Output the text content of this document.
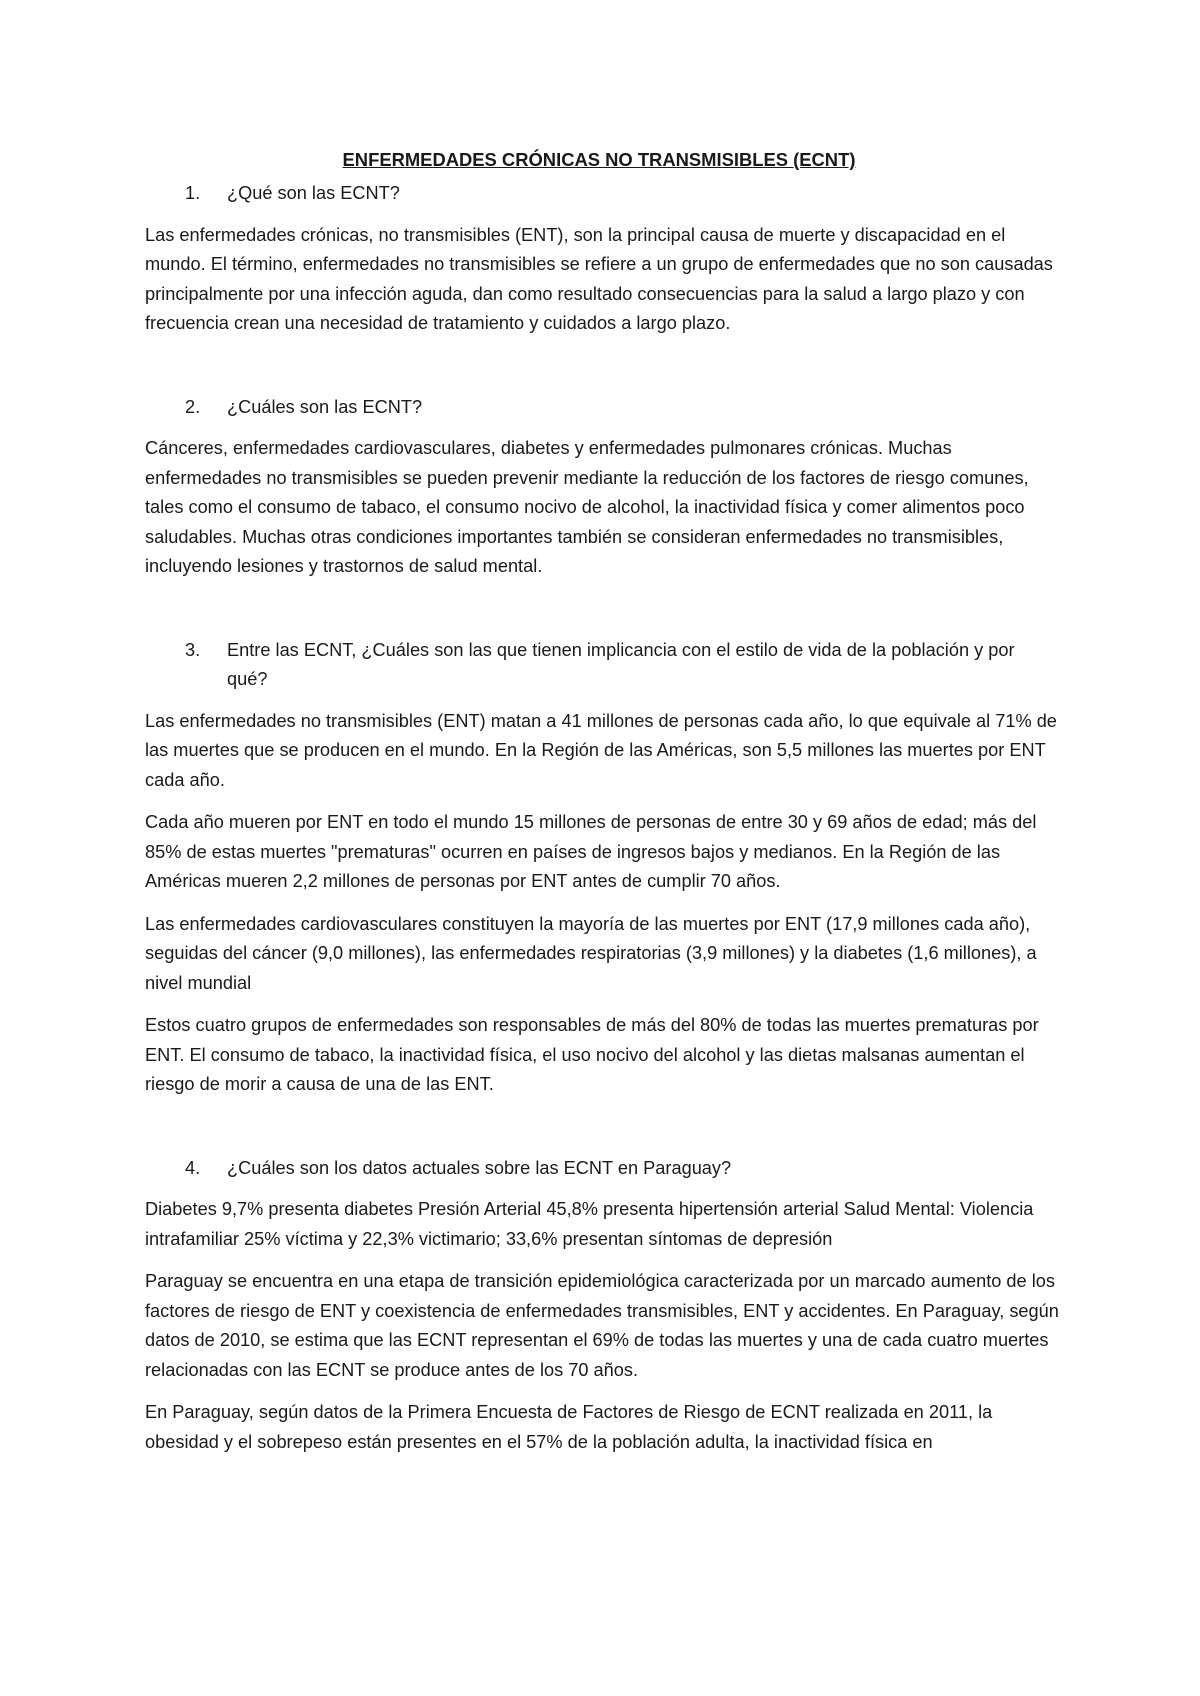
ENFERMEDADES CRÓNICAS NO TRANSMISIBLES (ECNT)

1.	¿Qué son las ECNT?

Las enfermedades crónicas, no transmisibles (ENT), son la principal causa de muerte y discapacidad en el mundo. El término, enfermedades no transmisibles se refiere a un grupo de enfermedades que no son causadas principalmente por una infección aguda, dan como resultado consecuencias para la salud a largo plazo y con frecuencia crean una necesidad de tratamiento y cuidados a largo plazo.

2.	¿Cuáles son las ECNT?

Cánceres, enfermedades cardiovasculares, diabetes y enfermedades pulmonares crónicas. Muchas enfermedades no transmisibles se pueden prevenir mediante la reducción de los factores de riesgo comunes, tales como el consumo de tabaco, el consumo nocivo de alcohol, la inactividad física y comer alimentos poco saludables. Muchas otras condiciones importantes también se consideran enfermedades no transmisibles, incluyendo lesiones y trastornos de salud mental.

3.	Entre las ECNT, ¿Cuáles son las que tienen implicancia con el estilo de vida de la población y por qué?

Las enfermedades no transmisibles (ENT) matan a 41 millones de personas cada año, lo que equivale al 71% de las muertes que se producen en el mundo. En la Región de las Américas, son 5,5 millones las muertes por ENT cada año.

Cada año mueren por ENT en todo el mundo 15 millones de personas de entre 30 y 69 años de edad; más del 85% de estas muertes "prematuras" ocurren en países de ingresos bajos y medianos. En la Región de las Américas mueren 2,2 millones de personas por ENT antes de cumplir 70 años.

Las enfermedades cardiovasculares constituyen la mayoría de las muertes por ENT (17,9 millones cada año), seguidas del cáncer (9,0 millones), las enfermedades respiratorias (3,9 millones) y la diabetes (1,6 millones), a nivel mundial

Estos cuatro grupos de enfermedades son responsables de más del 80% de todas las muertes prematuras por ENT. El consumo de tabaco, la inactividad física, el uso nocivo del alcohol y las dietas malsanas aumentan el riesgo de morir a causa de una de las ENT.

4.	¿Cuáles son los datos actuales sobre las ECNT en Paraguay?

Diabetes 9,7% presenta diabetes Presión Arterial 45,8% presenta hipertensión arterial Salud Mental: Violencia intrafamiliar 25% víctima y 22,3% victimario; 33,6% presentan síntomas de depresión

Paraguay se encuentra en una etapa de transición epidemiológica caracterizada por un marcado aumento de los factores de riesgo de ENT y coexistencia de enfermedades transmisibles, ENT y accidentes. En Paraguay, según datos de 2010, se estima que las ECNT representan el 69% de todas las muertes y una de cada cuatro muertes relacionadas con las ECNT se produce antes de los 70 años.

En Paraguay, según datos de la Primera Encuesta de Factores de Riesgo de ECNT realizada en 2011, la obesidad y el sobrepeso están presentes en el 57% de la población adulta, la inactividad física en
